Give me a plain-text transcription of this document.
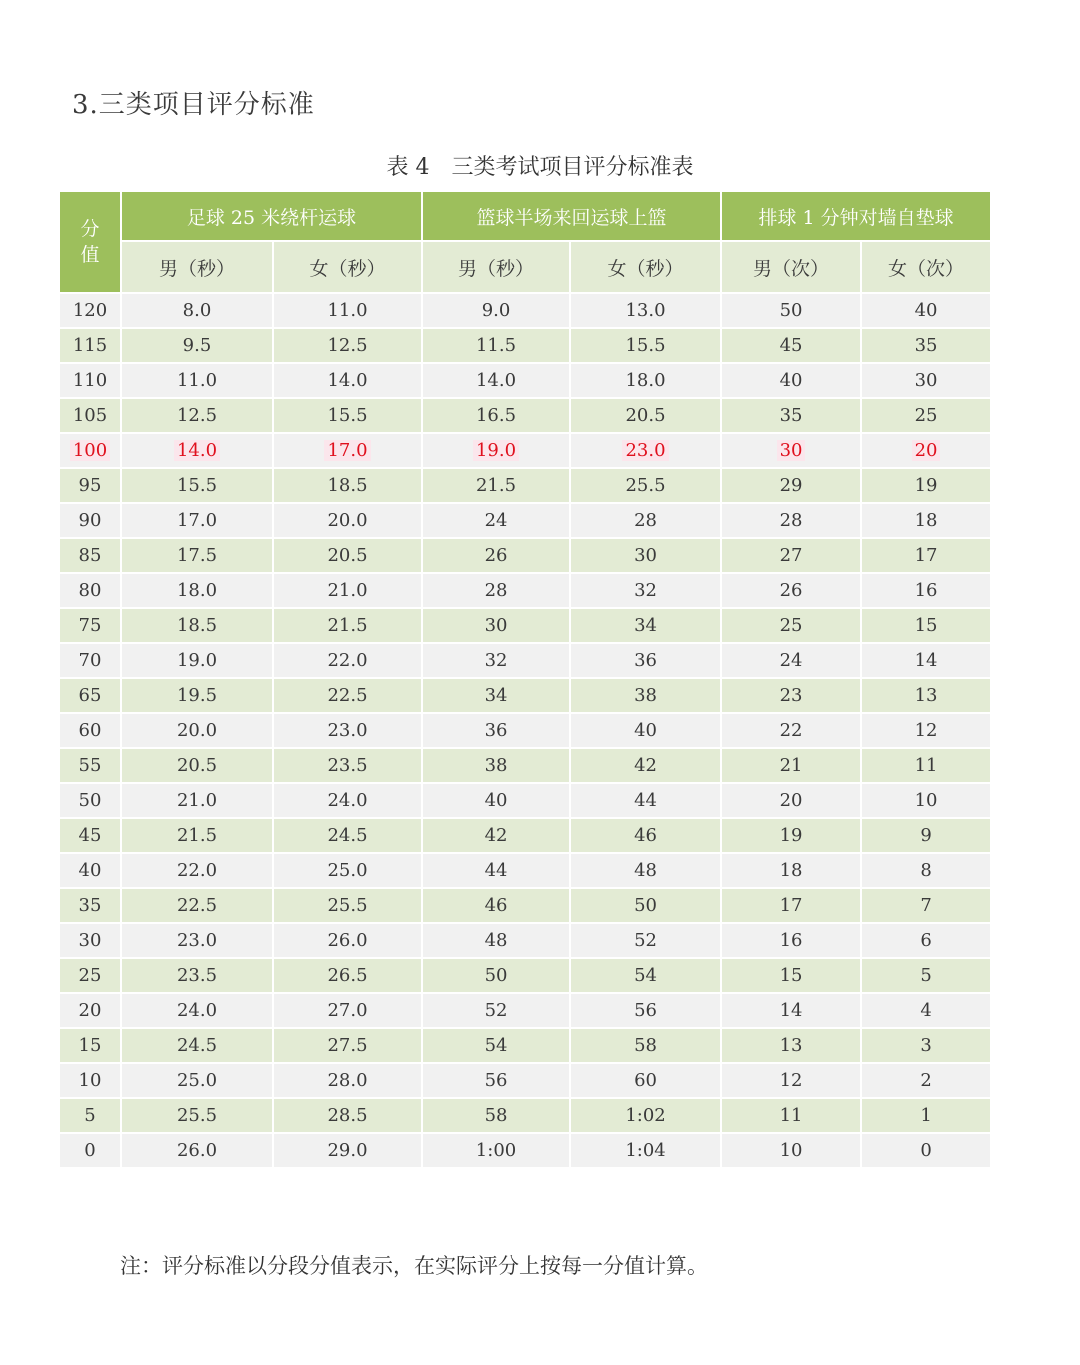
3.三类项目评分标准
表 4　三类考试项目评分标准表
分
值	足球 25 米绕杆运球		篮球半场来回运球上篮		排球 1 分钟对墙自垫球	
	男（秒）	女（秒）	男（秒）	女（秒）	男（次）	女（次）
120	8.0	11.0	9.0	13.0	50	40
115	9.5	12.5	11.5	15.5	45	35
110	11.0	14.0	14.0	18.0	40	30
105	12.5	15.5	16.5	20.5	35	25
100	14.0	17.0	19.0	23.0	30	20
95	15.5	18.5	21.5	25.5	29	19
90	17.0	20.0	24	28	28	18
85	17.5	20.5	26	30	27	17
80	18.0	21.0	28	32	26	16
75	18.5	21.5	30	34	25	15
70	19.0	22.0	32	36	24	14
65	19.5	22.5	34	38	23	13
60	20.0	23.0	36	40	22	12
55	20.5	23.5	38	42	21	11
50	21.0	24.0	40	44	20	10
45	21.5	24.5	42	46	19	9
40	22.0	25.0	44	48	18	8
35	22.5	25.5	46	50	17	7
30	23.0	26.0	48	52	16	6
25	23.5	26.5	50	54	15	5
20	24.0	27.0	52	56	14	4
15	24.5	27.5	54	58	13	3
10	25.0	28.0	56	60	12	2
5	25.5	28.5	58	1:02	11	1
0	26.0	29.0	1:00	1:04	10	0
注：评分标准以分段分值表示，在实际评分上按每一分值计算。
